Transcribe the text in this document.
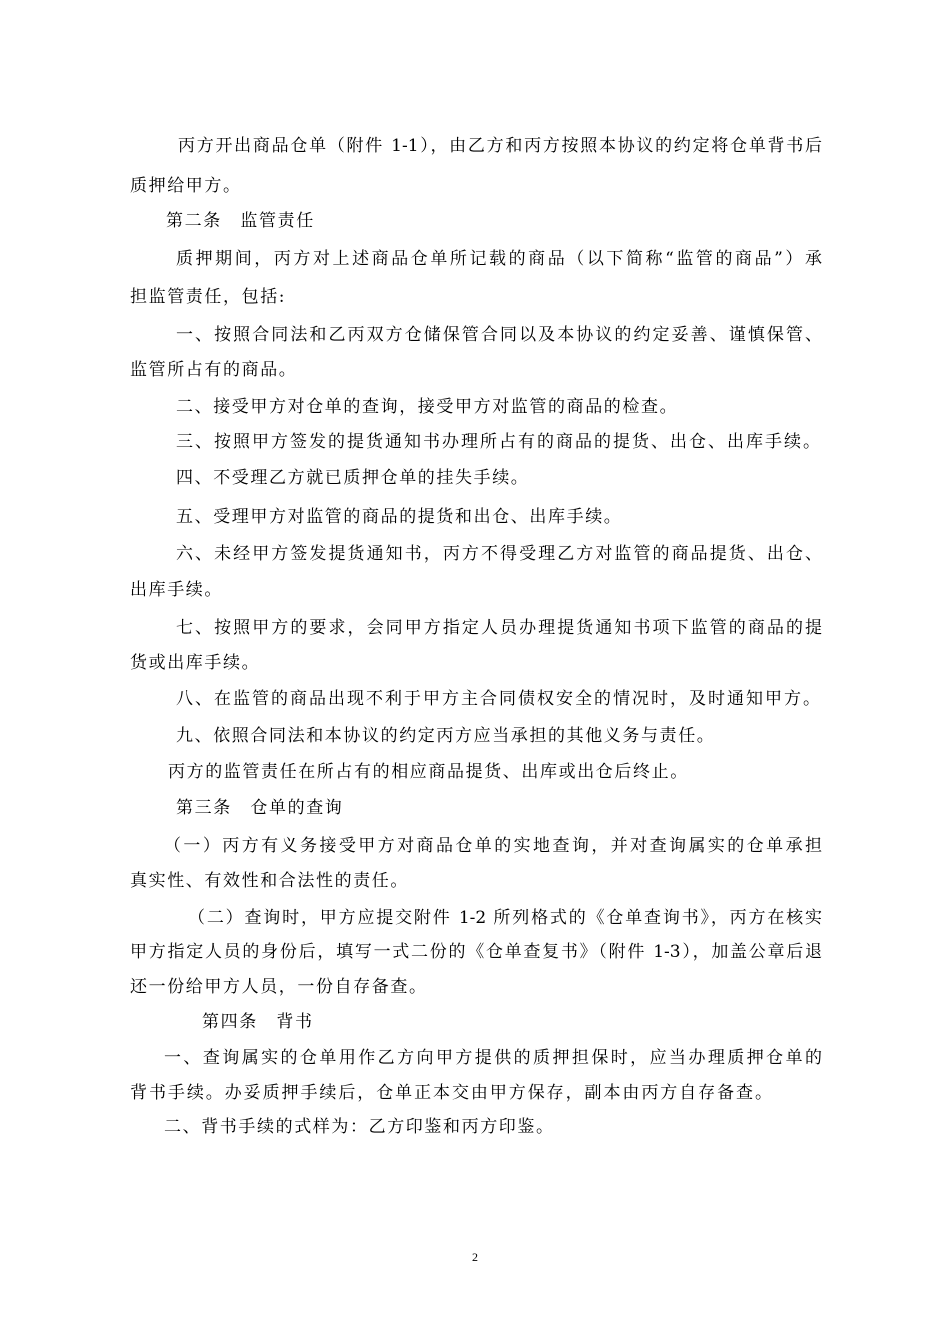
丙方开出商品仓单（附件 1-1），由乙方和丙方按照本协议的约定将仓单背书后
质押给甲方。
第二条　监管责任
质押期间，丙方对上述商品仓单所记载的商品（以下简称“监管的商品”）承
担监管责任，包括:
一、按照合同法和乙丙双方仓储保管合同以及本协议的约定妥善、谨慎保管、
监管所占有的商品。
二、接受甲方对仓单的查询，接受甲方对监管的商品的检查。
三、按照甲方签发的提货通知书办理所占有的商品的提货、出仓、出库手续。
四、不受理乙方就已质押仓单的挂失手续。
五、受理甲方对监管的商品的提货和出仓、出库手续。
六、未经甲方签发提货通知书，丙方不得受理乙方对监管的商品提货、出仓、
出库手续。
七、按照甲方的要求，会同甲方指定人员办理提货通知书项下监管的商品的提
货或出库手续。
八、在监管的商品出现不利于甲方主合同债权安全的情况时，及时通知甲方。
九、依照合同法和本协议的约定丙方应当承担的其他义务与责任。
丙方的监管责任在所占有的相应商品提货、出库或出仓后终止。
第三条　仓单的查询
（一）丙方有义务接受甲方对商品仓单的实地查询，并对查询属实的仓单承担
真实性、有效性和合法性的责任。
（二）查询时，甲方应提交附件 1-2 所列格式的《仓单查询书》，丙方在核实
甲方指定人员的身份后，填写一式二份的《仓单查复书》（附件 1-3），加盖公章后退
还一份给甲方人员，一份自存备查。
第四条　背书
一、查询属实的仓单用作乙方向甲方提供的质押担保时，应当办理质押仓单的
背书手续。办妥质押手续后，仓单正本交由甲方保存，副本由丙方自存备查。
二、背书手续的式样为：乙方印鉴和丙方印鉴。
2
